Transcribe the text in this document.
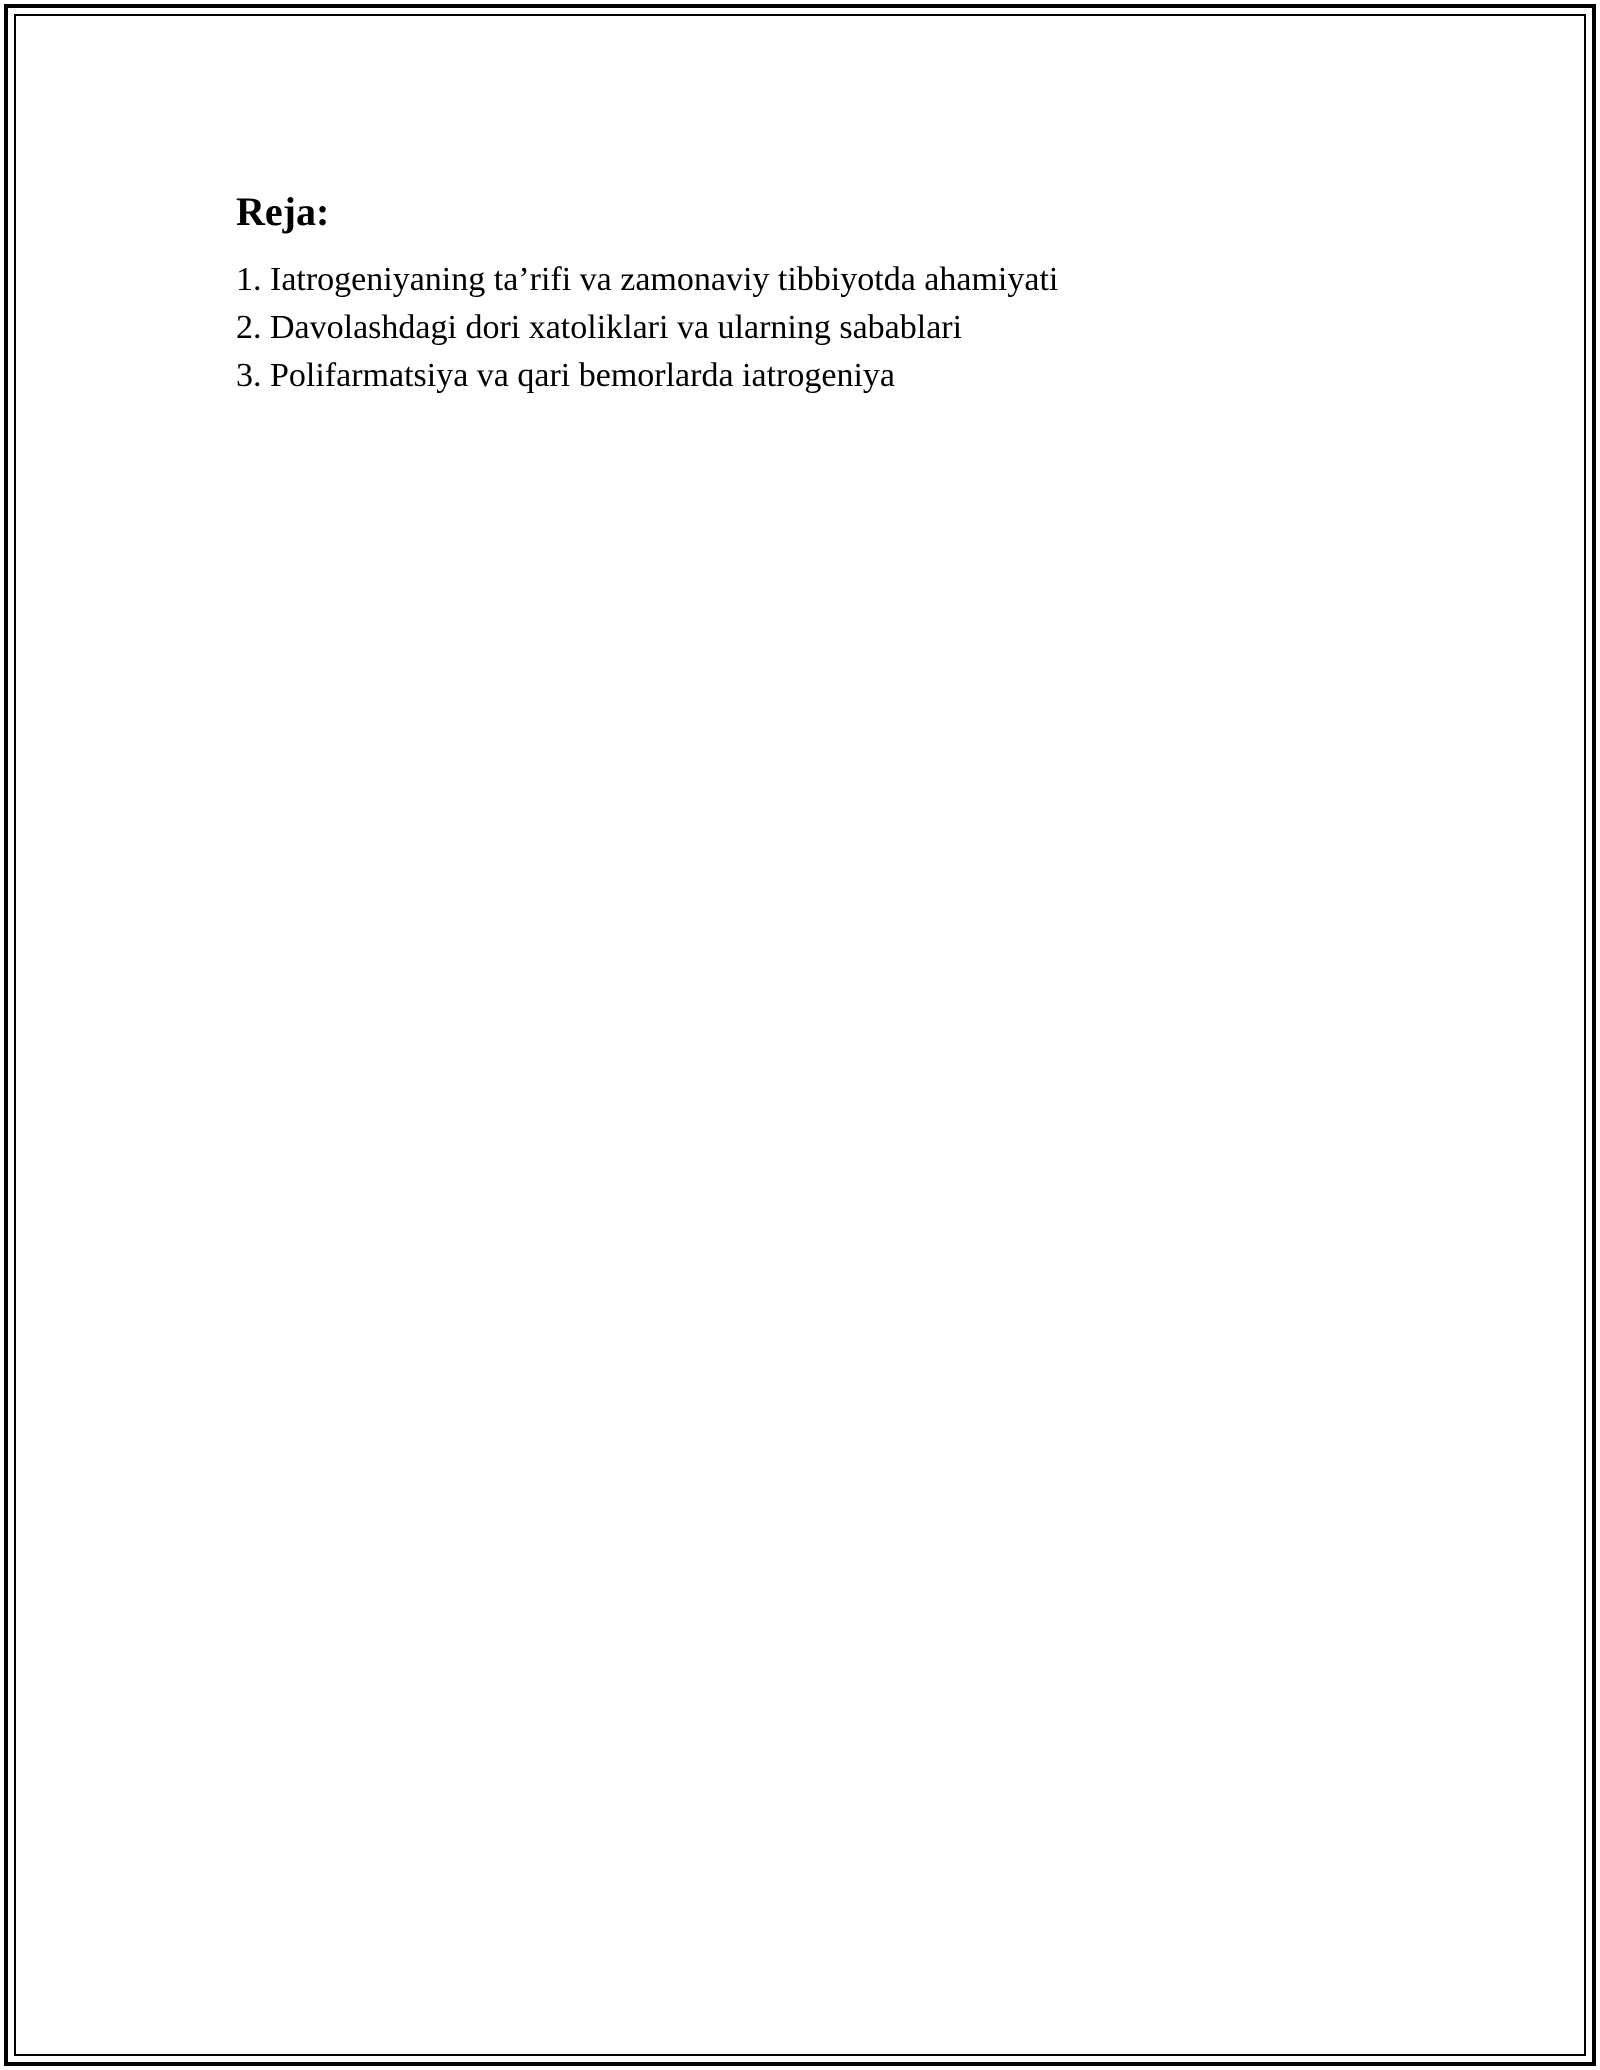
Reja:
1. Iatrogeniyaning ta’rifi va zamonaviy tibbiyotda ahamiyati
2. Davolashdagi dori xatoliklari va ularning sabablari
3. Polifarmatsiya va qari bemorlarda iatrogeniya
